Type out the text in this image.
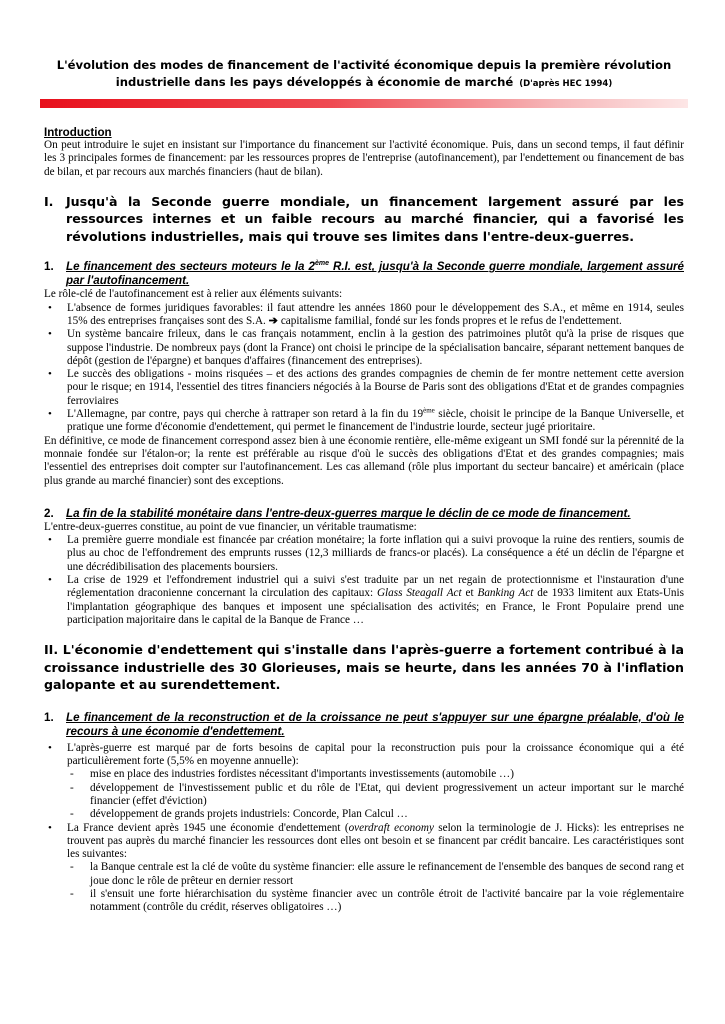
L'évolution des modes de financement de l'activité économique depuis la première révolution industrielle dans les pays développés à économie de marché (D'après HEC 1994)
Introduction

On peut introduire le sujet en insistant sur l'importance du financement sur l'activité économique. Puis, dans un second temps, il faut définir les 3 principales formes de financement: par les ressources propres de l'entreprise (autofinancement), par l'endettement ou financement de bas de bilan, et par recours aux marchés financiers (haut de bilan).

I. Jusqu'à la Seconde guerre mondiale, un financement largement assuré par les ressources internes et un faible recours au marché financier, qui a favorisé les révolutions industrielles, mais qui trouve ses limites dans l'entre-deux-guerres.
1.	Le financement des secteurs moteurs le la 2ème R.I. est, jusqu'à la Seconde guerre mondiale, largement assuré par l'autofinancement.

Le rôle-clé de l'autofinancement est à relier aux éléments suivants:

• L'absence de formes juridiques favorables: il faut attendre les années 1860 pour le développement des S.A., et même en 1914, seules 15% des entreprises françaises sont des S.A. ➔ capitalisme familial, fondé sur les fonds propres et le refus de l'endettement.
• Un système bancaire frileux, dans le cas français notamment, enclin à la gestion des patrimoines plutôt qu'à la prise de risques que suppose l'industrie. De nombreux pays (dont la France) ont choisi le principe de la spécialisation bancaire, séparant nettement banques de dépôt (gestion de l'épargne) et banques d'affaires (financement des entreprises).
• Le succès des obligations - moins risquées – et des actions des grandes compagnies de chemin de fer montre nettement cette aversion pour le risque; en 1914, l'essentiel des titres financiers négociés à la Bourse de Paris sont des obligations d'Etat et de grandes compagnies ferroviaires
• L'Allemagne, par contre, pays qui cherche à rattraper son retard à la fin du 19ème siècle, choisit le principe de la Banque Universelle, et pratique une forme d'économie d'endettement, qui permet le financement de l'industrie lourde, secteur jugé prioritaire.

En définitive, ce mode de financement correspond assez bien à une économie rentière, elle-même exigeant un SMI fondé sur la pérennité de la monnaie fondée sur l'étalon-or; la rente est préférable au risque d'où le succès des obligations d'Etat et des grandes compagnies; mais l'essentiel des entreprises doit compter sur l'autofinancement. Les cas allemand (rôle plus important du secteur bancaire) et américain (place plus grande au marché financier) sont des exceptions.

2.	La fin de la stabilité monétaire dans l'entre-deux-guerres marque le déclin de ce mode de financement.

L'entre-deux-guerres constitue, au point de vue financier, un véritable traumatisme:

• La première guerre mondiale est financée par création monétaire; la forte inflation qui a suivi provoque la ruine des rentiers, soumis de plus au choc de l'effondrement des emprunts russes (12,3 milliards de francs-or placés). La conséquence a été un déclin de l'épargne et une décrédibilisation des placements boursiers.
• La crise de 1929 et l'effondrement industriel qui a suivi s'est traduite par un net regain de protectionnisme et l'instauration d'une réglementation draconienne concernant la circulation des capitaux: Glass Steagall Act et Banking Act de 1933 limitent aux Etats-Unis l'implantation géographique des banques et imposent une spécialisation des activités; en France, le Front Populaire prend une participation majoritaire dans le capital de la Banque de France …
II. L'économie d'endettement qui s'installe dans l'après-guerre a fortement contribué à la croissance industrielle des 30 Glorieuses, mais se heurte, dans les années 70 à l'inflation galopante et au surendettement.
1.	Le financement de la reconstruction et de la croissance ne peut s'appuyer sur une épargne préalable, d'où le recours à une économie d'endettement.
• L'après-guerre est marqué par de forts besoins de capital pour la reconstruction puis pour la croissance économique qui a été particulièrement forte (5,5% en moyenne annuelle):
- mise en place des industries fordistes nécessitant d'importants investissements (automobile …)
- développement de l'investissement public et du rôle de l'Etat, qui devient progressivement un acteur important sur le marché financier (effet d'éviction)
- développement de grands projets industriels: Concorde, Plan Calcul …
• La France devient après 1945 une économie d'endettement (overdraft economy selon la terminologie de J. Hicks): les entreprises ne trouvent pas auprès du marché financier les ressources dont elles ont besoin et se financent par crédit bancaire. Les caractéristiques sont les suivantes:
- la Banque centrale est la clé de voûte du système financier: elle assure le refinancement de l'ensemble des banques de second rang et joue donc le rôle de prêteur en dernier ressort
- il s'ensuit une forte hiérarchisation du système financier avec un contrôle étroit de l'activité bancaire par la voie réglementaire notamment (contrôle du crédit, réserves obligatoires …)
